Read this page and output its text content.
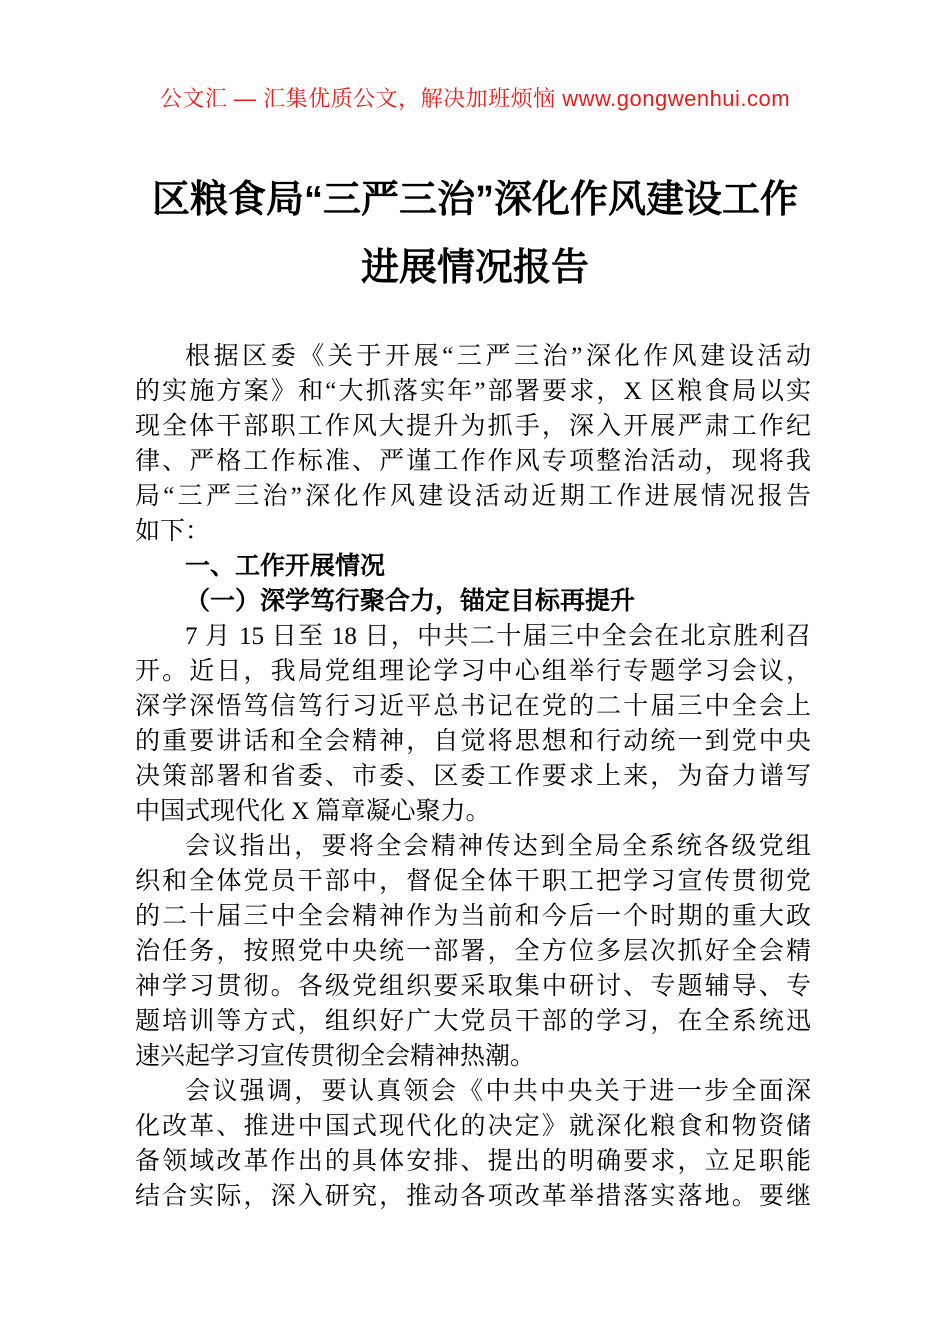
公文汇 — 汇集优质公文，解决加班烦恼 www.gongwenhui.com
区粮食局“三严三治”深化作风建设工作
进展情况报告
根据区委《关于开展“三严三治”深化作风建设活动
的实施方案》和“大抓落实年”部署要求，X 区粮食局以实
现全体干部职工作风大提升为抓手，深入开展严肃工作纪
律、严格工作标准、严谨工作作风专项整治活动，现将我
局“三严三治”深化作风建设活动近期工作进展情况报告
如下：
一、工作开展情况
（一）深学笃行聚合力，锚定目标再提升
7 月 15 日至 18 日，中共二十届三中全会在北京胜利召
开。近日，我局党组理论学习中心组举行专题学习会议，
深学深悟笃信笃行习近平总书记在党的二十届三中全会上
的重要讲话和全会精神，自觉将思想和行动统一到党中央
决策部署和省委、市委、区委工作要求上来，为奋力谱写
中国式现代化 X 篇章凝心聚力。
会议指出，要将全会精神传达到全局全系统各级党组
织和全体党员干部中，督促全体干职工把学习宣传贯彻党
的二十届三中全会精神作为当前和今后一个时期的重大政
治任务，按照党中央统一部署，全方位多层次抓好全会精
神学习贯彻。各级党组织要采取集中研讨、专题辅导、专
题培训等方式，组织好广大党员干部的学习，在全系统迅
速兴起学习宣传贯彻全会精神热潮。
会议强调，要认真领会《中共中央关于进一步全面深
化改革、推进中国式现代化的决定》就深化粮食和物资储
备领域改革作出的具体安排、提出的明确要求，立足职能
结合实际，深入研究，推动各项改革举措落实落地。要继
